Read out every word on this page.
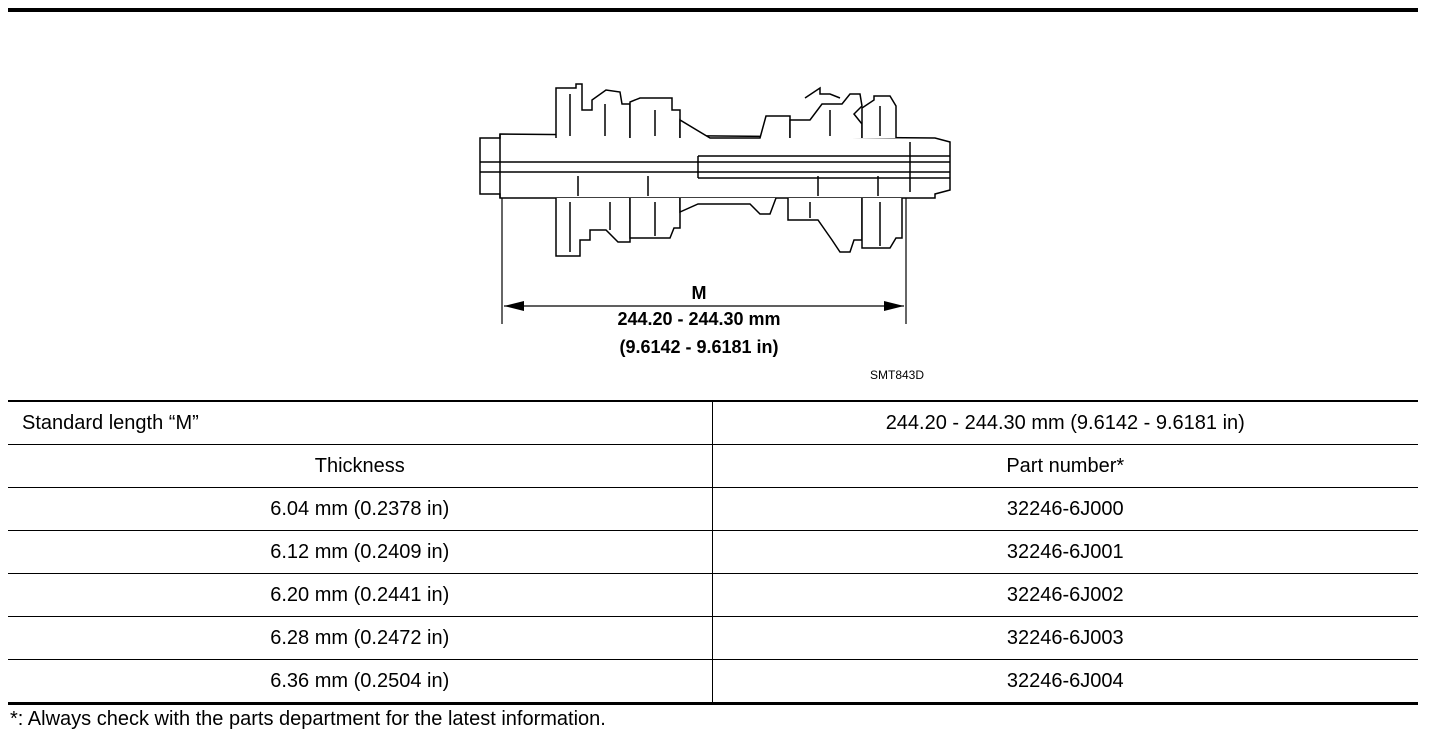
M
244.20 - 244.30 mm
(9.6142 - 9.6181 in)
SMT843D
Standard length “M”	244.20 - 244.30 mm (9.6142 - 9.6181 in)
Thickness	Part number*
6.04 mm (0.2378 in)	32246-6J000
6.12 mm (0.2409 in)	32246-6J001
6.20 mm (0.2441 in)	32246-6J002
6.28 mm (0.2472 in)	32246-6J003
6.36 mm (0.2504 in)	32246-6J004
*: Always check with the parts department for the latest information.
